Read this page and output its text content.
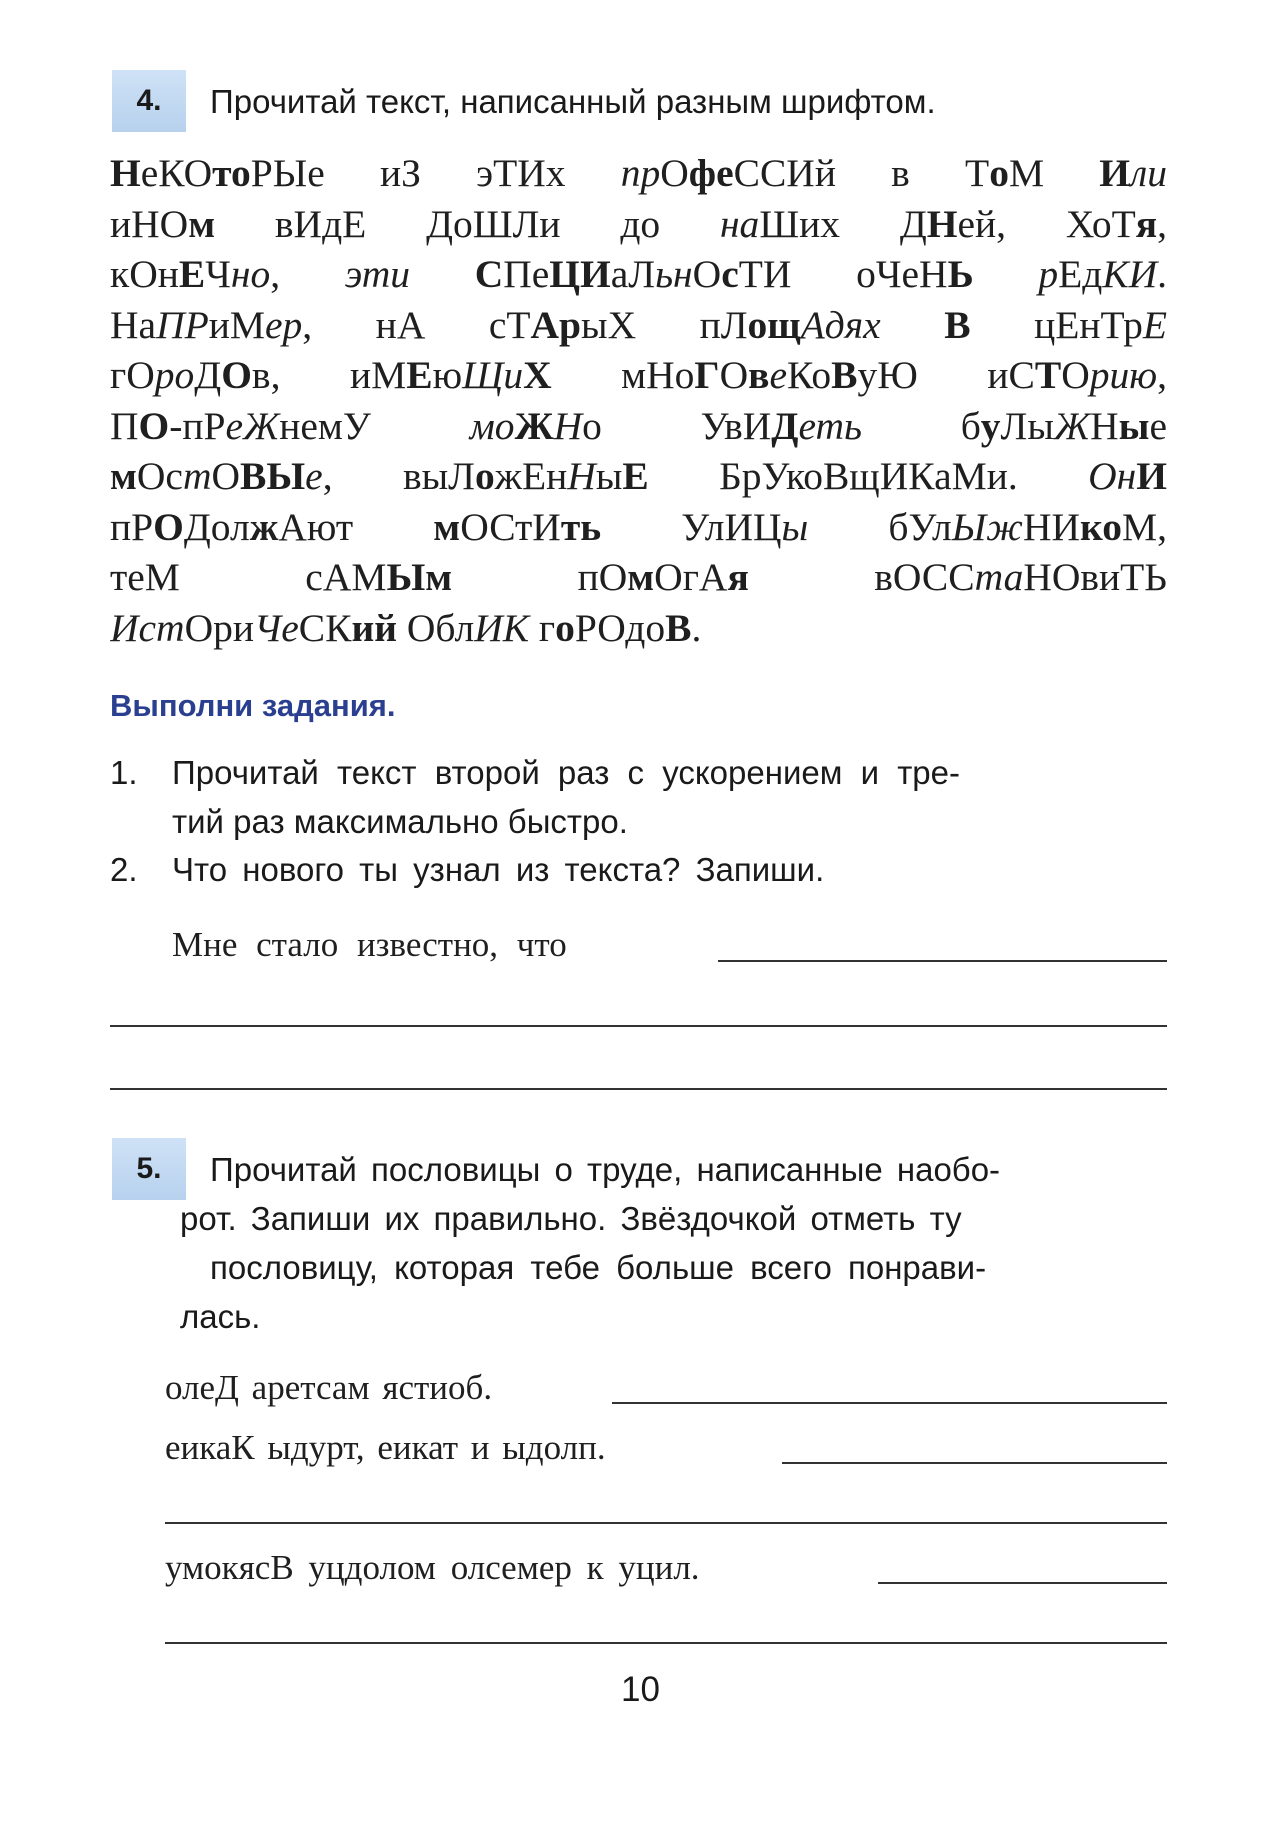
4.	Прочитай текст, написанный разным шрифтом.
НеКОтоРЫе иЗ эТИх прОфеССИй в ТоМ Или
иНОм вИдЕ ДоШЛи до наШих ДНей, ХоТя,
кОнЕЧно, эти СПеЦИаЛьнОсТИ оЧеНЬ рЕдКИ.
НаПРиМер, нА сТАрыХ пЛощАдях В цЕнТрЕ
гОроДОв, иМЕюЩиХ мНоГОвеКоВуЮ иСТОрию,
ПО-пРеЖнемУ моЖНо УвИДеть буЛыЖНые
мОстОВЫе, выЛожЕнНыЕ БрУкоВщИКаМи. ОнИ
пРОДолжАют мОСтИть УлИЦы бУлЫжНИкоМ,
теМ сАМЫм пОмОгАя вОССтаНОвиТЬ
ИстОриЧеСКий ОблИК гоРОдоВ.
Выполни задания.
1. Прочитай текст второй раз с ускорением и тре-
тий раз максимально быстро.
2. Что нового ты узнал из текста? Запиши.
Мне стало известно, что
5.	Прочитай пословицы о труде, написанные наобо-
рот. Запиши их правильно. Звёздочкой отметь ту
пословицу, которая тебе больше всего понрави-
лась.
олеД аретсам ястиоб.
еикаК ыдурт, еикат и ыдолп.
умокясВ уцдолом олсемер к уцил.
10
